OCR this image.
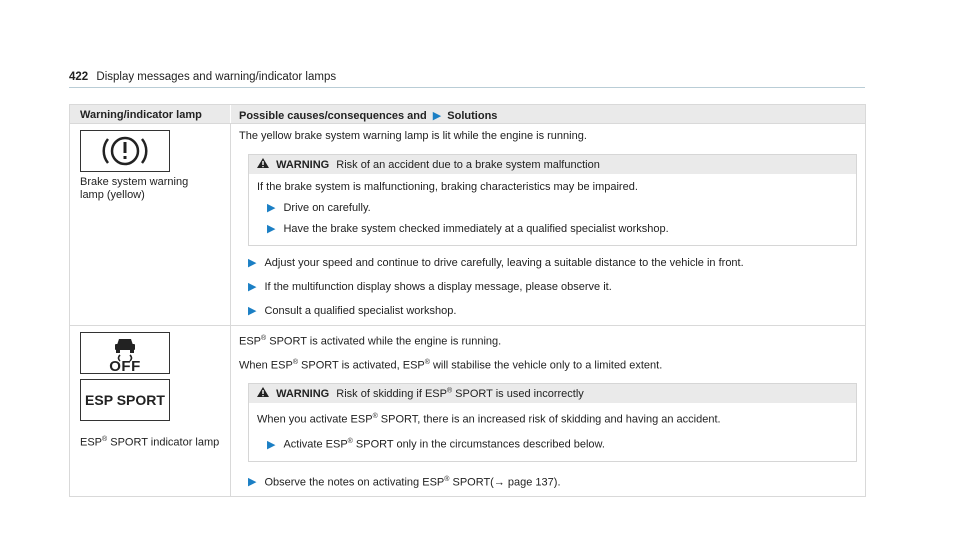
422 Display messages and warning/indicator lamps
Warning/indicator lamp	Possible causes/consequences and ▶ Solutions
Brake system warning lamp (yellow)

The yellow brake system warning lamp is lit while the engine is running.

WARNING Risk of an accident due to a brake system malfunction

If the brake system is malfunctioning, braking characteristics may be impaired.

▶ Drive on carefully.
▶ Have the brake system checked immediately at a qualified specialist workshop.
▶ Adjust your speed and continue to drive carefully, leaving a suitable distance to the vehicle in front.
▶ If the multifunction display shows a display message, please observe it.
▶ Consult a qualified specialist workshop.
OFF
ESP SPORT
ESP® SPORT indicator lamp

ESP® SPORT is activated while the engine is running.

When ESP® SPORT is activated, ESP® will stabilise the vehicle only to a limited extent.

WARNING Risk of skidding if ESP® SPORT is used incorrectly

When you activate ESP® SPORT, there is an increased risk of skidding and having an accident.

▶ Activate ESP® SPORT only in the circumstances described below.
▶ Observe the notes on activating ESP® SPORT(→ page 137).
